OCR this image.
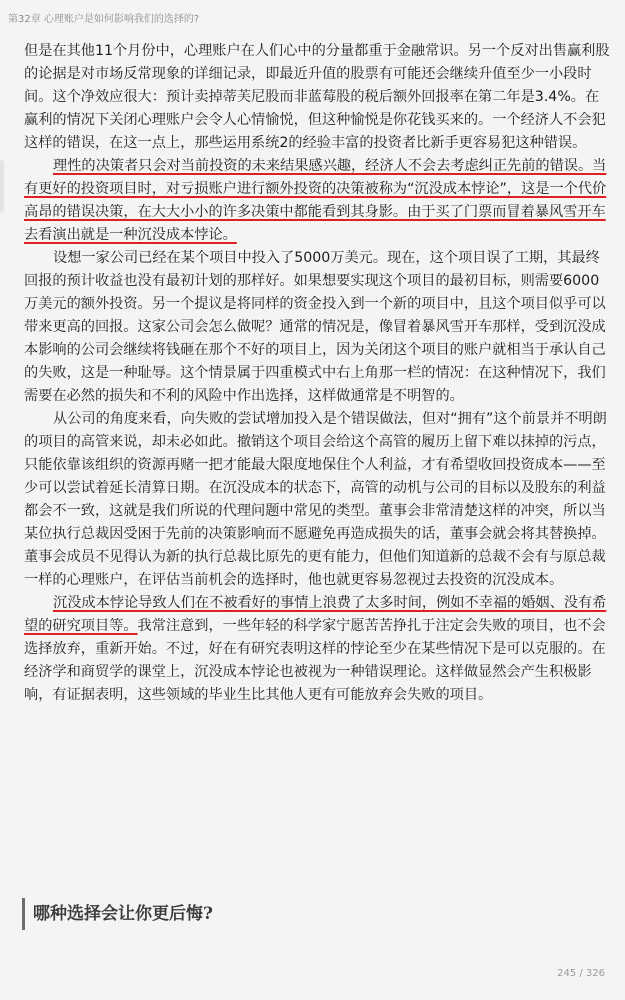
第32章 心理账户是如何影响我们的选择的?

但是在其他11个月份中，心理账户在人们心中的分量都重于金融常识。另一个反对出售赢利股的论据是对市场反常现象的详细记录，即最近升值的股票有可能还会继续升值至少一小段时间。这个净效应很大：预计卖掉蒂芙尼股而非蓝莓股的税后额外回报率在第二年是3.4%。在赢利的情况下关闭心理账户会令人心情愉悦，但这种愉悦是你花钱买来的。一个经济人不会犯这样的错误，在这一点上，那些运用系统2的经验丰富的投资者比新手更容易犯这种错误。

理性的决策者只会对当前投资的未来结果感兴趣，经济人不会去考虑纠正先前的错误。当有更好的投资项目时，对亏损账户进行额外投资的决策被称为“沉没成本悖论”，这是一个代价高昂的错误决策，在大大小小的许多决策中都能看到其身影。由于买了门票而冒着暴风雪开车去看演出就是一种沉没成本悖论。

设想一家公司已经在某个项目中投入了5000万美元。现在，这个项目误了工期，其最终回报的预计收益也没有最初计划的那样好。如果想要实现这个项目的最初目标，则需要6000万美元的额外投资。另一个提议是将同样的资金投入到一个新的项目中，且这个项目似乎可以带来更高的回报。这家公司会怎么做呢？通常的情况是，像冒着暴风雪开车那样，受到沉没成本影响的公司会继续将钱砸在那个不好的项目上，因为关闭这个项目的账户就相当于承认自己的失败，这是一种耻辱。这个情景属于四重模式中右上角那一栏的情况：在这种情况下，我们需要在必然的损失和不利的风险中作出选择，这样做通常是不明智的。

从公司的角度来看，向失败的尝试增加投入是个错误做法，但对“拥有”这个前景并不明朗的项目的高管来说，却未必如此。撤销这个项目会给这个高管的履历上留下难以抹掉的污点，只能依靠该组织的资源再赌一把才能最大限度地保住个人利益，才有希望收回投资成本——至少可以尝试着延长清算日期。在沉没成本的状态下，高管的动机与公司的目标以及股东的利益都会不一致，这就是我们所说的代理问题中常见的类型。董事会非常清楚这样的冲突，所以当某位执行总裁因受困于先前的决策影响而不愿避免再造成损失的话，董事会就会将其替换掉。董事会成员不见得认为新的执行总裁比原先的更有能力，但他们知道新的总裁不会有与原总裁一样的心理账户，在评估当前机会的选择时，他也就更容易忽视过去投资的沉没成本。

沉没成本悖论导致人们在不被看好的事情上浪费了太多时间，例如不幸福的婚姻、没有希望的研究项目等。我常注意到，一些年轻的科学家宁愿苦苦挣扎于注定会失败的项目，也不会选择放弃，重新开始。不过，好在有研究表明这样的悖论至少在某些情况下是可以克服的。在经济学和商贸学的课堂上，沉没成本悖论也被视为一种错误理论。这样做显然会产生积极影响，有证据表明，这些领域的毕业生比其他人更有可能放弃会失败的项目。

哪种选择会让你更后悔?
245 / 326
